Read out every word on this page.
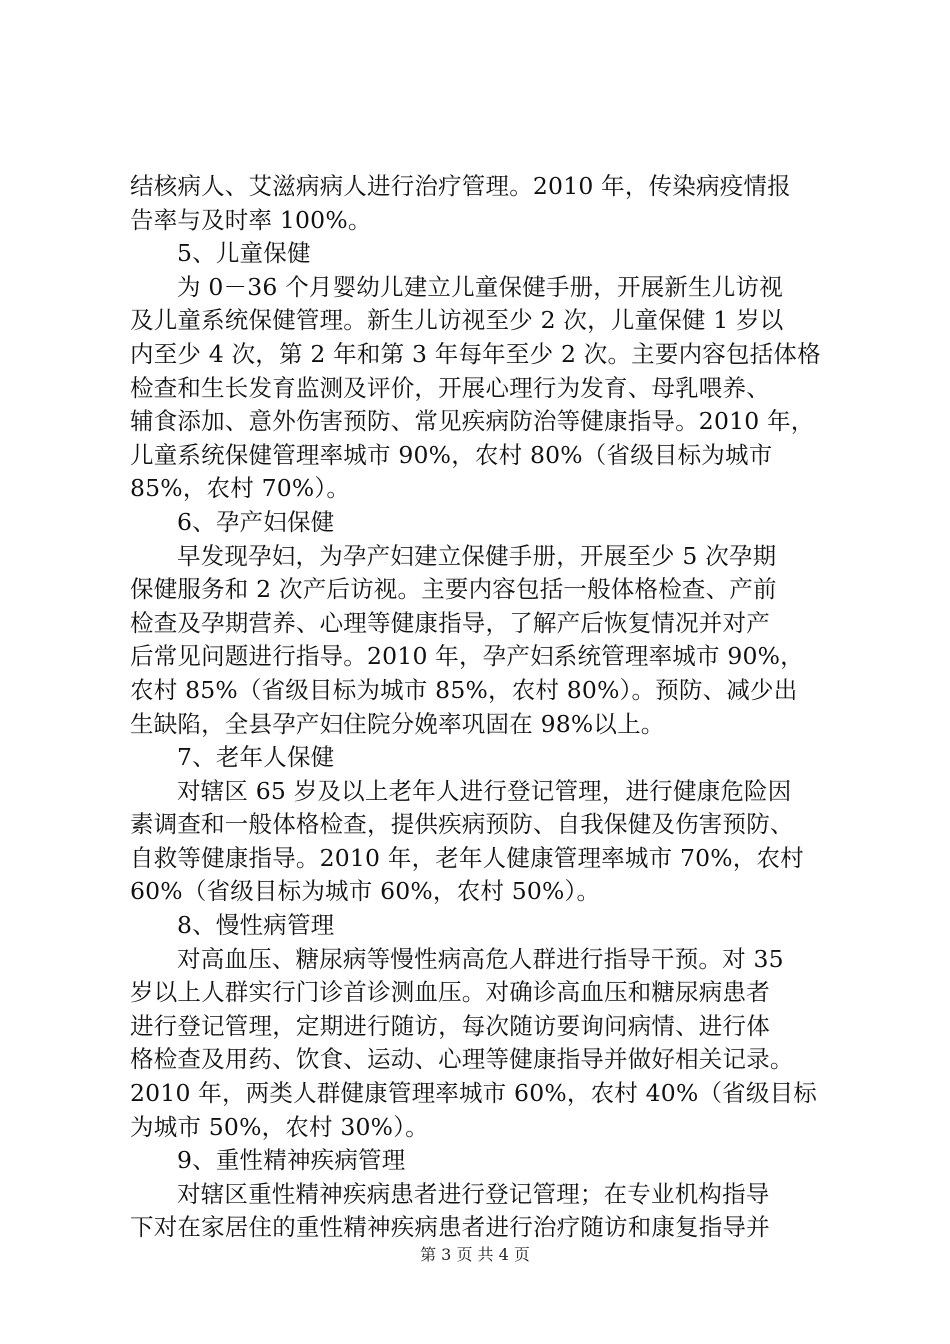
结核病人、艾滋病病人进行治疗管理。2010 年，传染病疫情报
告率与及时率 100%。
5、儿童保健
为 0－36 个月婴幼儿建立儿童保健手册，开展新生儿访视
及儿童系统保健管理。新生儿访视至少 2 次，儿童保健 1 岁以
内至少 4 次，第 2 年和第 3 年每年至少 2 次。主要内容包括体格
检查和生长发育监测及评价，开展心理行为发育、母乳喂养、
辅食添加、意外伤害预防、常见疾病防治等健康指导。2010 年，
儿童系统保健管理率城市 90%，农村 80%（省级目标为城市
85%，农村 70%）。
6、孕产妇保健
早发现孕妇，为孕产妇建立保健手册，开展至少 5 次孕期
保健服务和 2 次产后访视。主要内容包括一般体格检查、产前
检查及孕期营养、心理等健康指导，了解产后恢复情况并对产
后常见问题进行指导。2010 年，孕产妇系统管理率城市 90%，
农村 85%（省级目标为城市 85%，农村 80%）。预防、减少出
生缺陷，全县孕产妇住院分娩率巩固在 98%以上。
7、老年人保健
对辖区 65 岁及以上老年人进行登记管理，进行健康危险因
素调查和一般体格检查，提供疾病预防、自我保健及伤害预防、
自救等健康指导。2010 年，老年人健康管理率城市 70%，农村
60%（省级目标为城市 60%，农村 50%）。
8、慢性病管理
对高血压、糖尿病等慢性病高危人群进行指导干预。对 35
岁以上人群实行门诊首诊测血压。对确诊高血压和糖尿病患者
进行登记管理，定期进行随访，每次随访要询问病情、进行体
格检查及用药、饮食、运动、心理等健康指导并做好相关记录。
2010 年，两类人群健康管理率城市 60%，农村 40%（省级目标
为城市 50%，农村 30%）。
9、重性精神疾病管理
对辖区重性精神疾病患者进行登记管理；在专业机构指导
下对在家居住的重性精神疾病患者进行治疗随访和康复指导并
第 3 页 共 4 页
